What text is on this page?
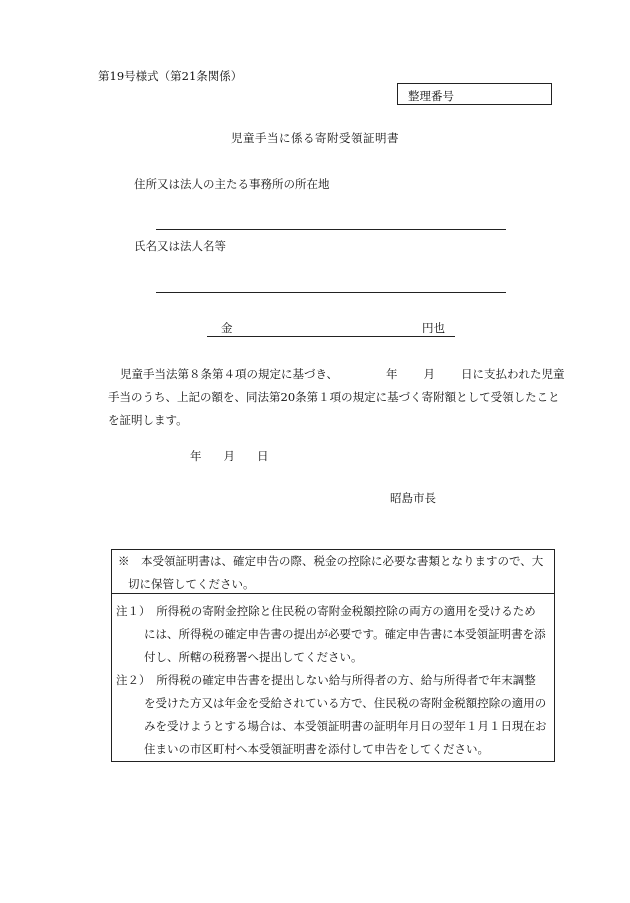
第19号様式（第21条関係）
整理番号
児童手当に係る寄附受領証明書
住所又は法人の主たる事務所の所在地
氏名又は法人名等
金	円也
児童手当法第８条第４項の規定に基づき、	年 月 日に支払われた児童
手当のうち、上記の額を、同法第20条第１項の規定に基づく寄附額として受領したこと
を証明します。
年 月 日
昭島市長
※　本受領証明書は、確定申告の際、税金の控除に必要な書類となりますので、大
切に保管してください。
注１）　所得税の寄附金控除と住民税の寄附金税額控除の両方の適用を受けるため
には、所得税の確定申告書の提出が必要です。確定申告書に本受領証明書を添
付し、所轄の税務署へ提出してください。
注２）　所得税の確定申告書を提出しない給与所得者の方、給与所得者で年末調整
を受けた方又は年金を受給されている方で、住民税の寄附金税額控除の適用の
みを受けようとする場合は、本受領証明書の証明年月日の翌年１月１日現在お
住まいの市区町村へ本受領証明書を添付して申告をしてください。
